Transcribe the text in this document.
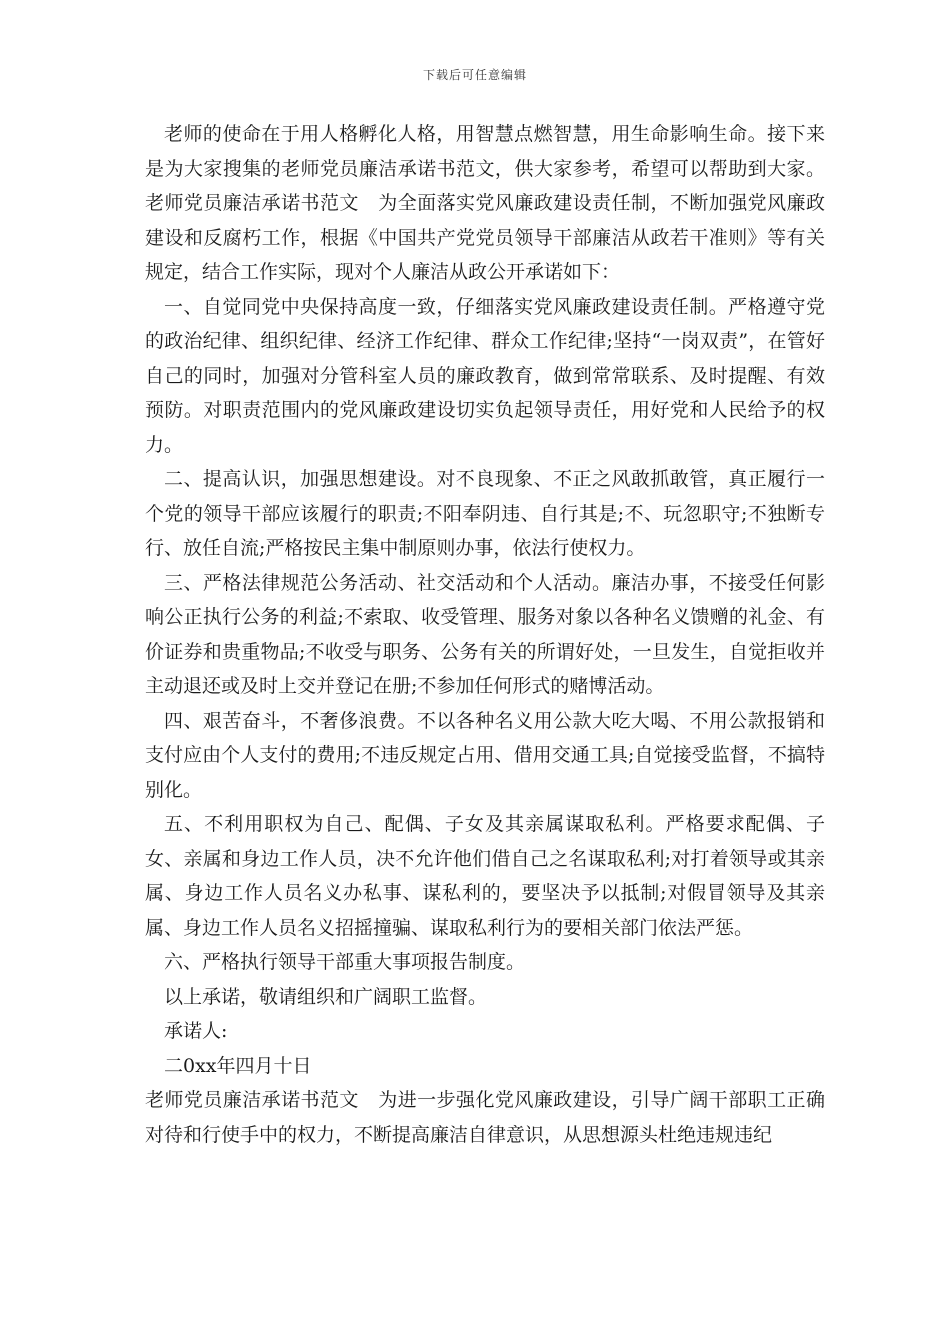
下载后可任意编辑

老师的使命在于用人格孵化人格，用智慧点燃智慧，用生命影响生命。接下来是为大家搜集的老师党员廉洁承诺书范文，供大家参考，希望可以帮助到大家。老师党员廉洁承诺书范文　为全面落实党风廉政建设责任制，不断加强党风廉政建设和反腐朽工作，根据《中国共产党党员领导干部廉洁从政若干准则》等有关规定，结合工作实际，现对个人廉洁从政公开承诺如下：

一、自觉同党中央保持高度一致，仔细落实党风廉政建设责任制。严格遵守党的政治纪律、组织纪律、经济工作纪律、群众工作纪律;坚持“一岗双责”，在管好自己的同时，加强对分管科室人员的廉政教育，做到常常联系、及时提醒、有效预防。对职责范围内的党风廉政建设切实负起领导责任，用好党和人民给予的权力。

二、提高认识，加强思想建设。对不良现象、不正之风敢抓敢管，真正履行一个党的领导干部应该履行的职责;不阳奉阴违、自行其是;不、玩忽职守;不独断专行、放任自流;严格按民主集中制原则办事，依法行使权力。

三、严格法律规范公务活动、社交活动和个人活动。廉洁办事，不接受任何影响公正执行公务的利益;不索取、收受管理、服务对象以各种名义馈赠的礼金、有价证券和贵重物品;不收受与职务、公务有关的所谓好处，一旦发生，自觉拒收并主动退还或及时上交并登记在册;不参加任何形式的赌博活动。

四、艰苦奋斗，不奢侈浪费。不以各种名义用公款大吃大喝、不用公款报销和支付应由个人支付的费用;不违反规定占用、借用交通工具;自觉接受监督，不搞特别化。

五、不利用职权为自己、配偶、子女及其亲属谋取私利。严格要求配偶、子女、亲属和身边工作人员，决不允许他们借自己之名谋取私利;对打着领导或其亲属、身边工作人员名义办私事、谋私利的，要坚决予以抵制;对假冒领导及其亲属、身边工作人员名义招摇撞骗、谋取私利行为的要相关部门依法严惩。

六、严格执行领导干部重大事项报告制度。

以上承诺，敬请组织和广阔职工监督。

承诺人:

二0xx年四月十日

老师党员廉洁承诺书范文　为进一步强化党风廉政建设，引导广阔干部职工正确对待和行使手中的权力，不断提高廉洁自律意识，从思想源头杜绝违规违纪
